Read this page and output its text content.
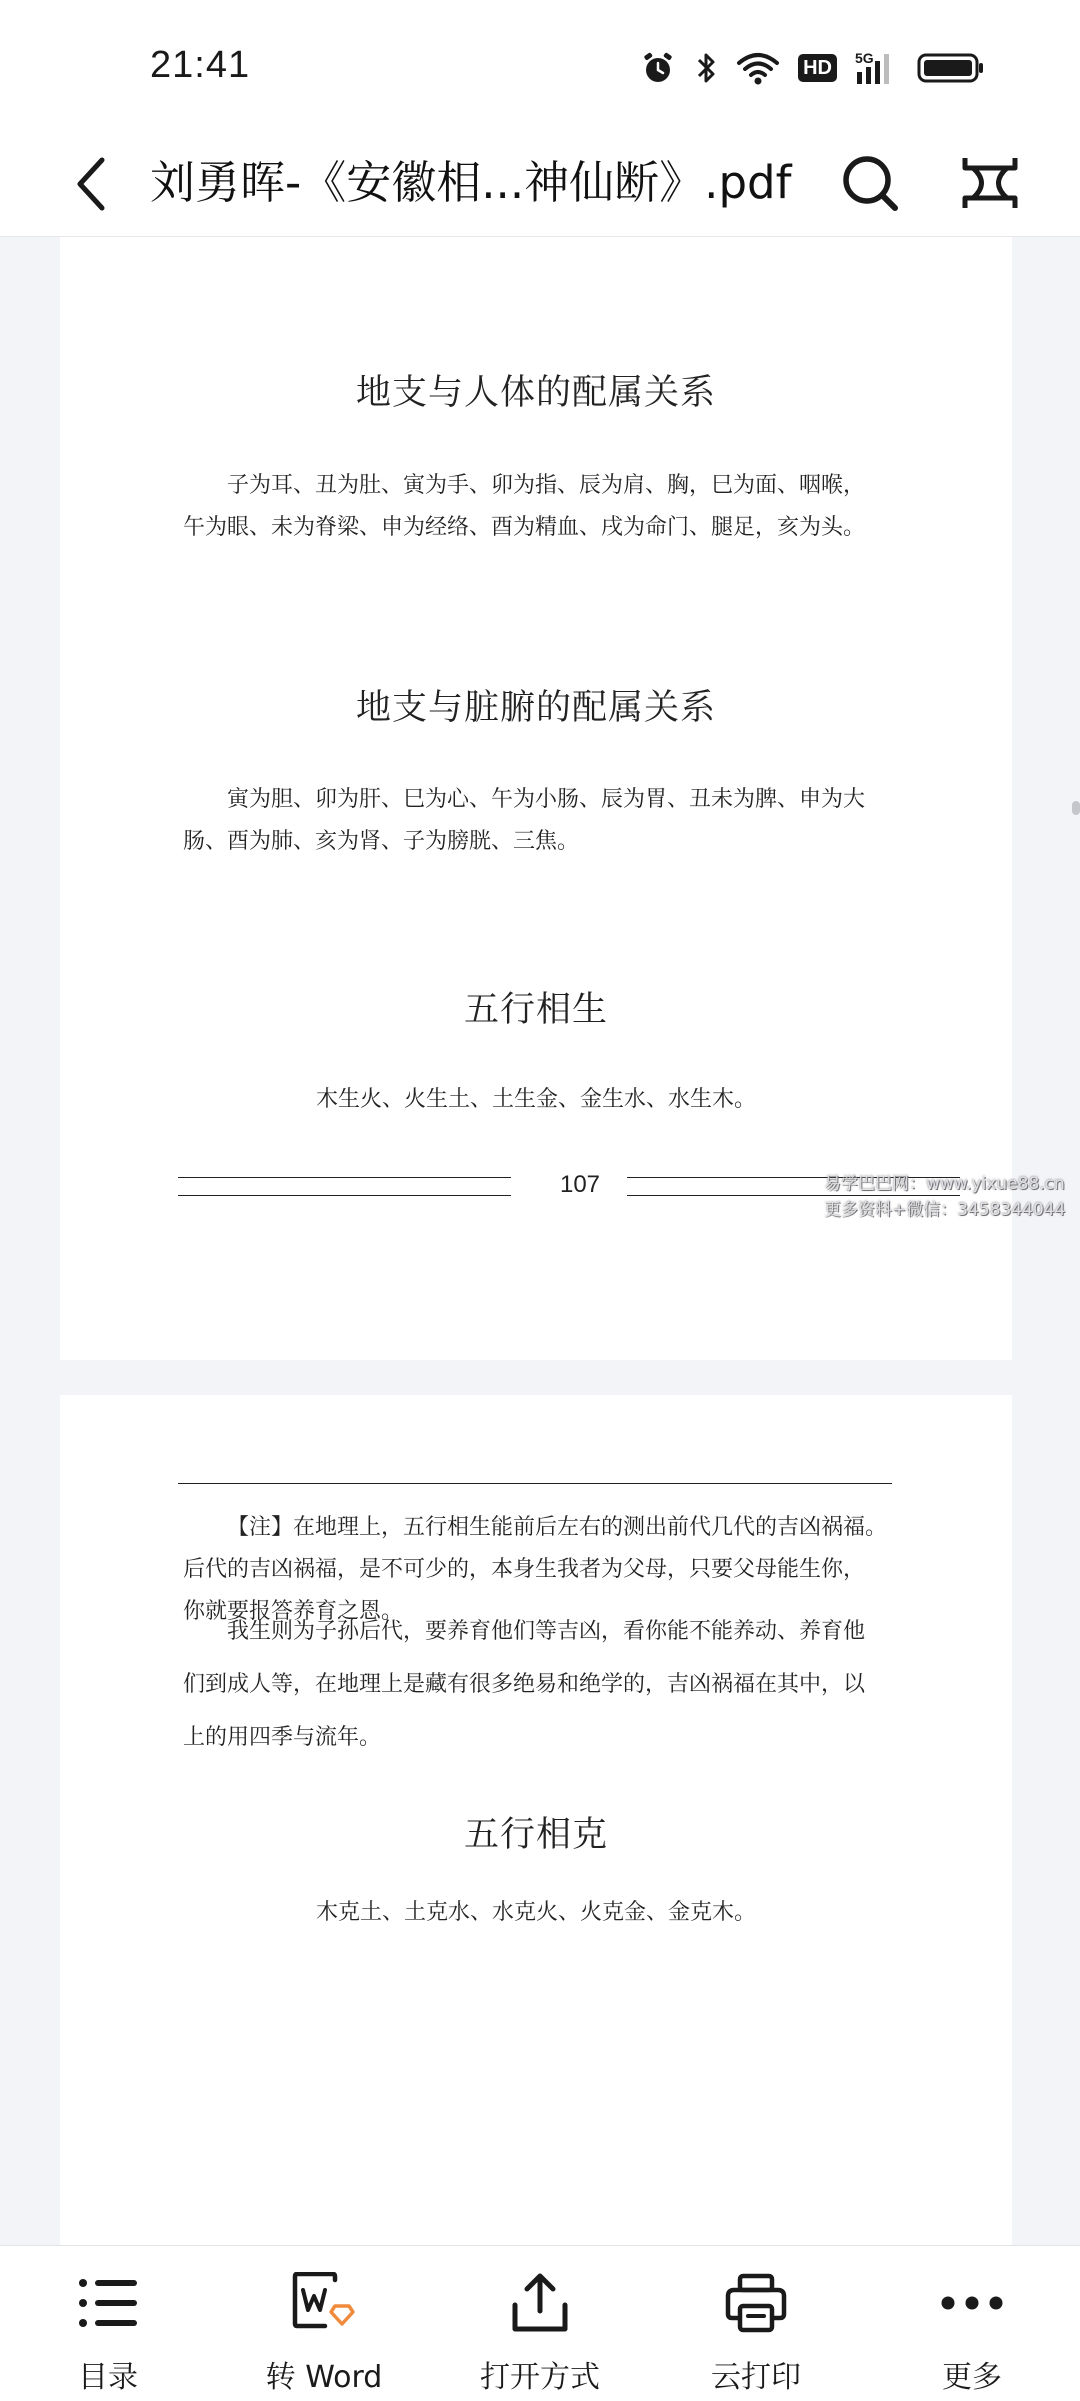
21:41	HD	5G
刘勇晖-《安徽相...神仙断》.pdf
地支与人体的配属关系

子为耳、丑为肚、寅为手、卯为指、辰为肩、胸，巳为面、咽喉，
午为眼、未为脊梁、申为经络、酉为精血、戌为命门、腿足，亥为头。

地支与脏腑的配属关系

寅为胆、卯为肝、巳为心、午为小肠、辰为胃、丑未为脾、申为大
肠、酉为肺、亥为肾、子为膀胱、三焦。

五行相生
木生火、火生土、土生金、金生水、水生木。
107	易学巴巴网：www.yixue88.cn
更多资料+微信：3458344044

【注】在地理上，五行相生能前后左右的测出前代几代的吉凶祸福。
后代的吉凶祸福，是不可少的，本身生我者为父母，只要父母能生你，
你就要报答养育之恩。

我生则为子孙后代，要养育他们等吉凶，看你能不能养动、养育他
们到成人等，在地理上是藏有很多绝易和绝学的，吉凶祸福在其中，以
上的用四季与流年。

五行相克
木克土、土克水、水克火、火克金、金克木。
目录	转 Word	打开方式	云打印	更多
